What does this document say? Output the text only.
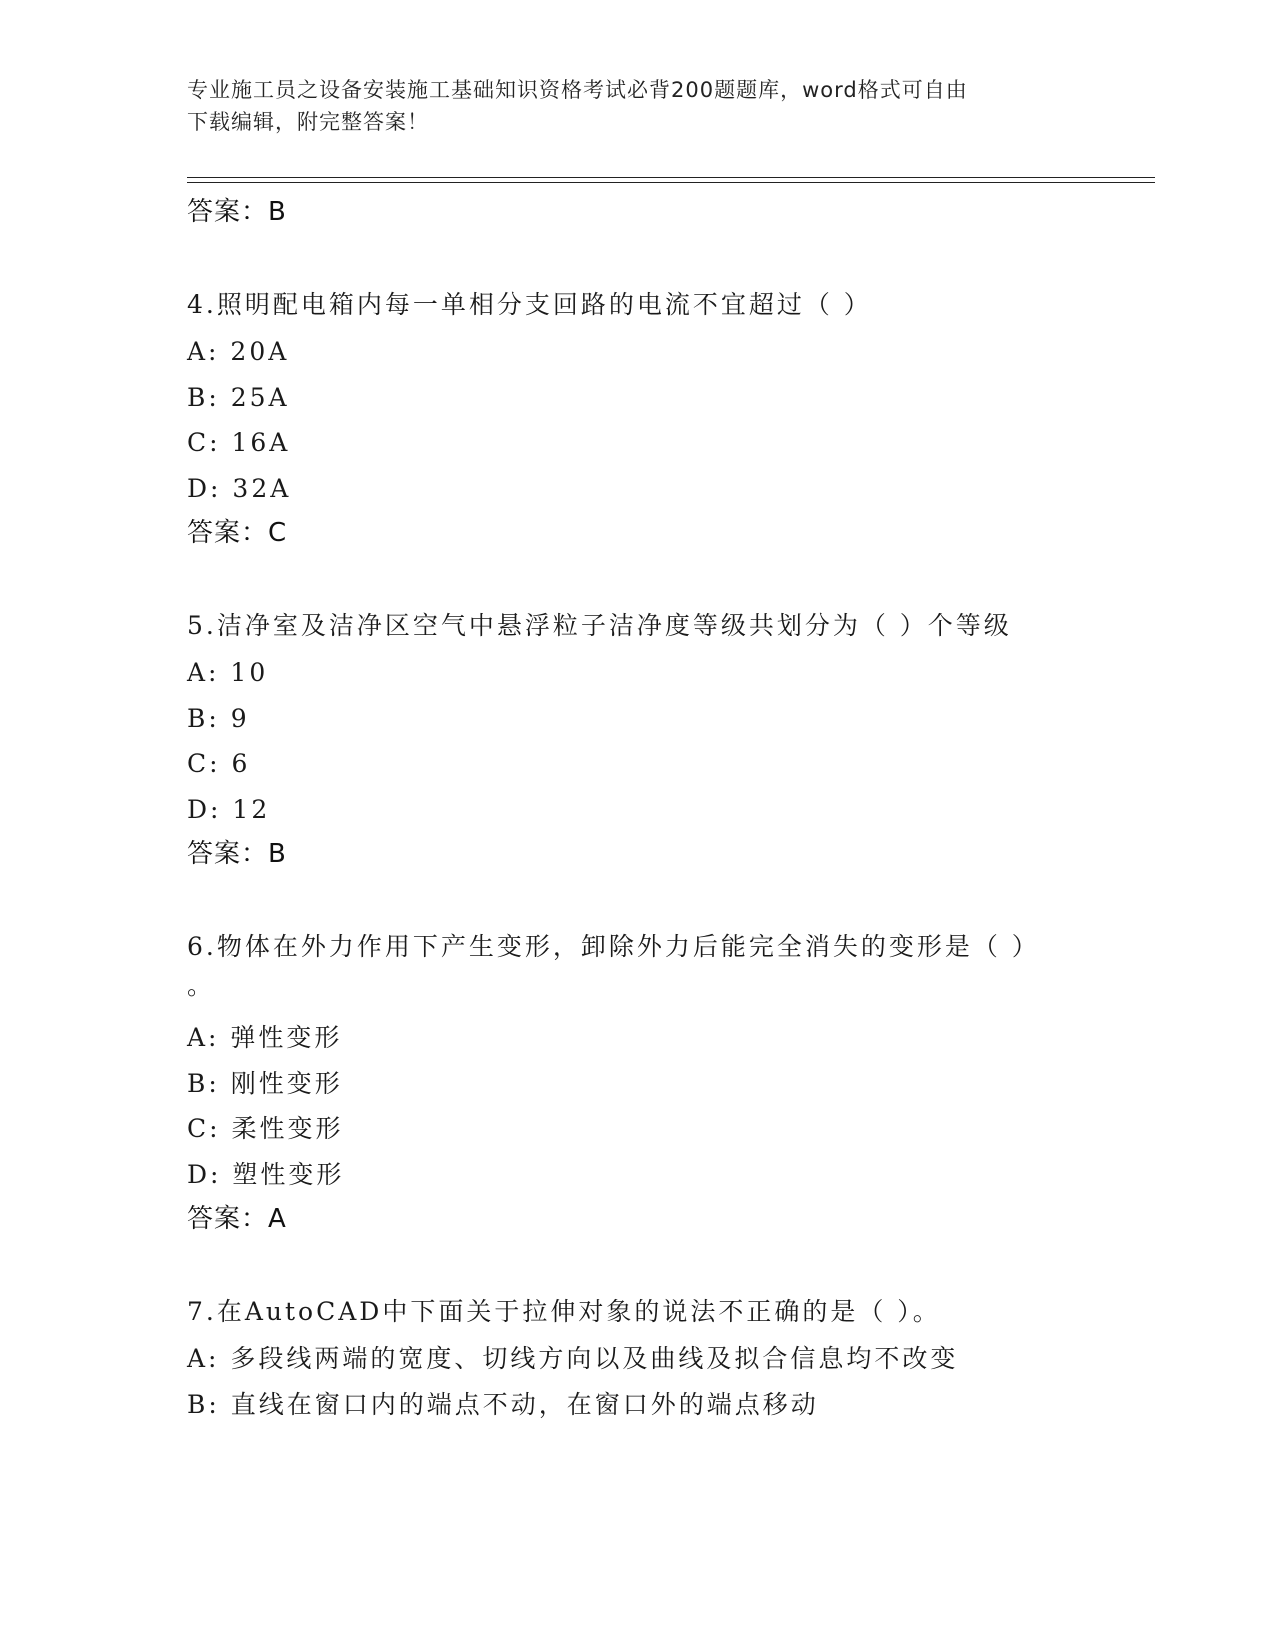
专业施工员之设备安装施工基础知识资格考试必背200题题库，word格式可自由
下载编辑，附完整答案！
答案：B
4.照明配电箱内每一单相分支回路的电流不宜超过（ ）
A: 20A
B: 25A
C: 16A
D: 32A
答案：C
5.洁净室及洁净区空气中悬浮粒子洁净度等级共划分为（ ）个等级
A: 10
B: 9
C: 6
D: 12
答案：B
6.物体在外力作用下产生变形，卸除外力后能完全消失的变形是（ ）
。
A: 弹性变形
B: 刚性变形
C: 柔性变形
D: 塑性变形
答案：A
7.在AutoCAD中下面关于拉伸对象的说法不正确的是（ ）。
A: 多段线两端的宽度、切线方向以及曲线及拟合信息均不改变
B: 直线在窗口内的端点不动，在窗口外的端点移动
